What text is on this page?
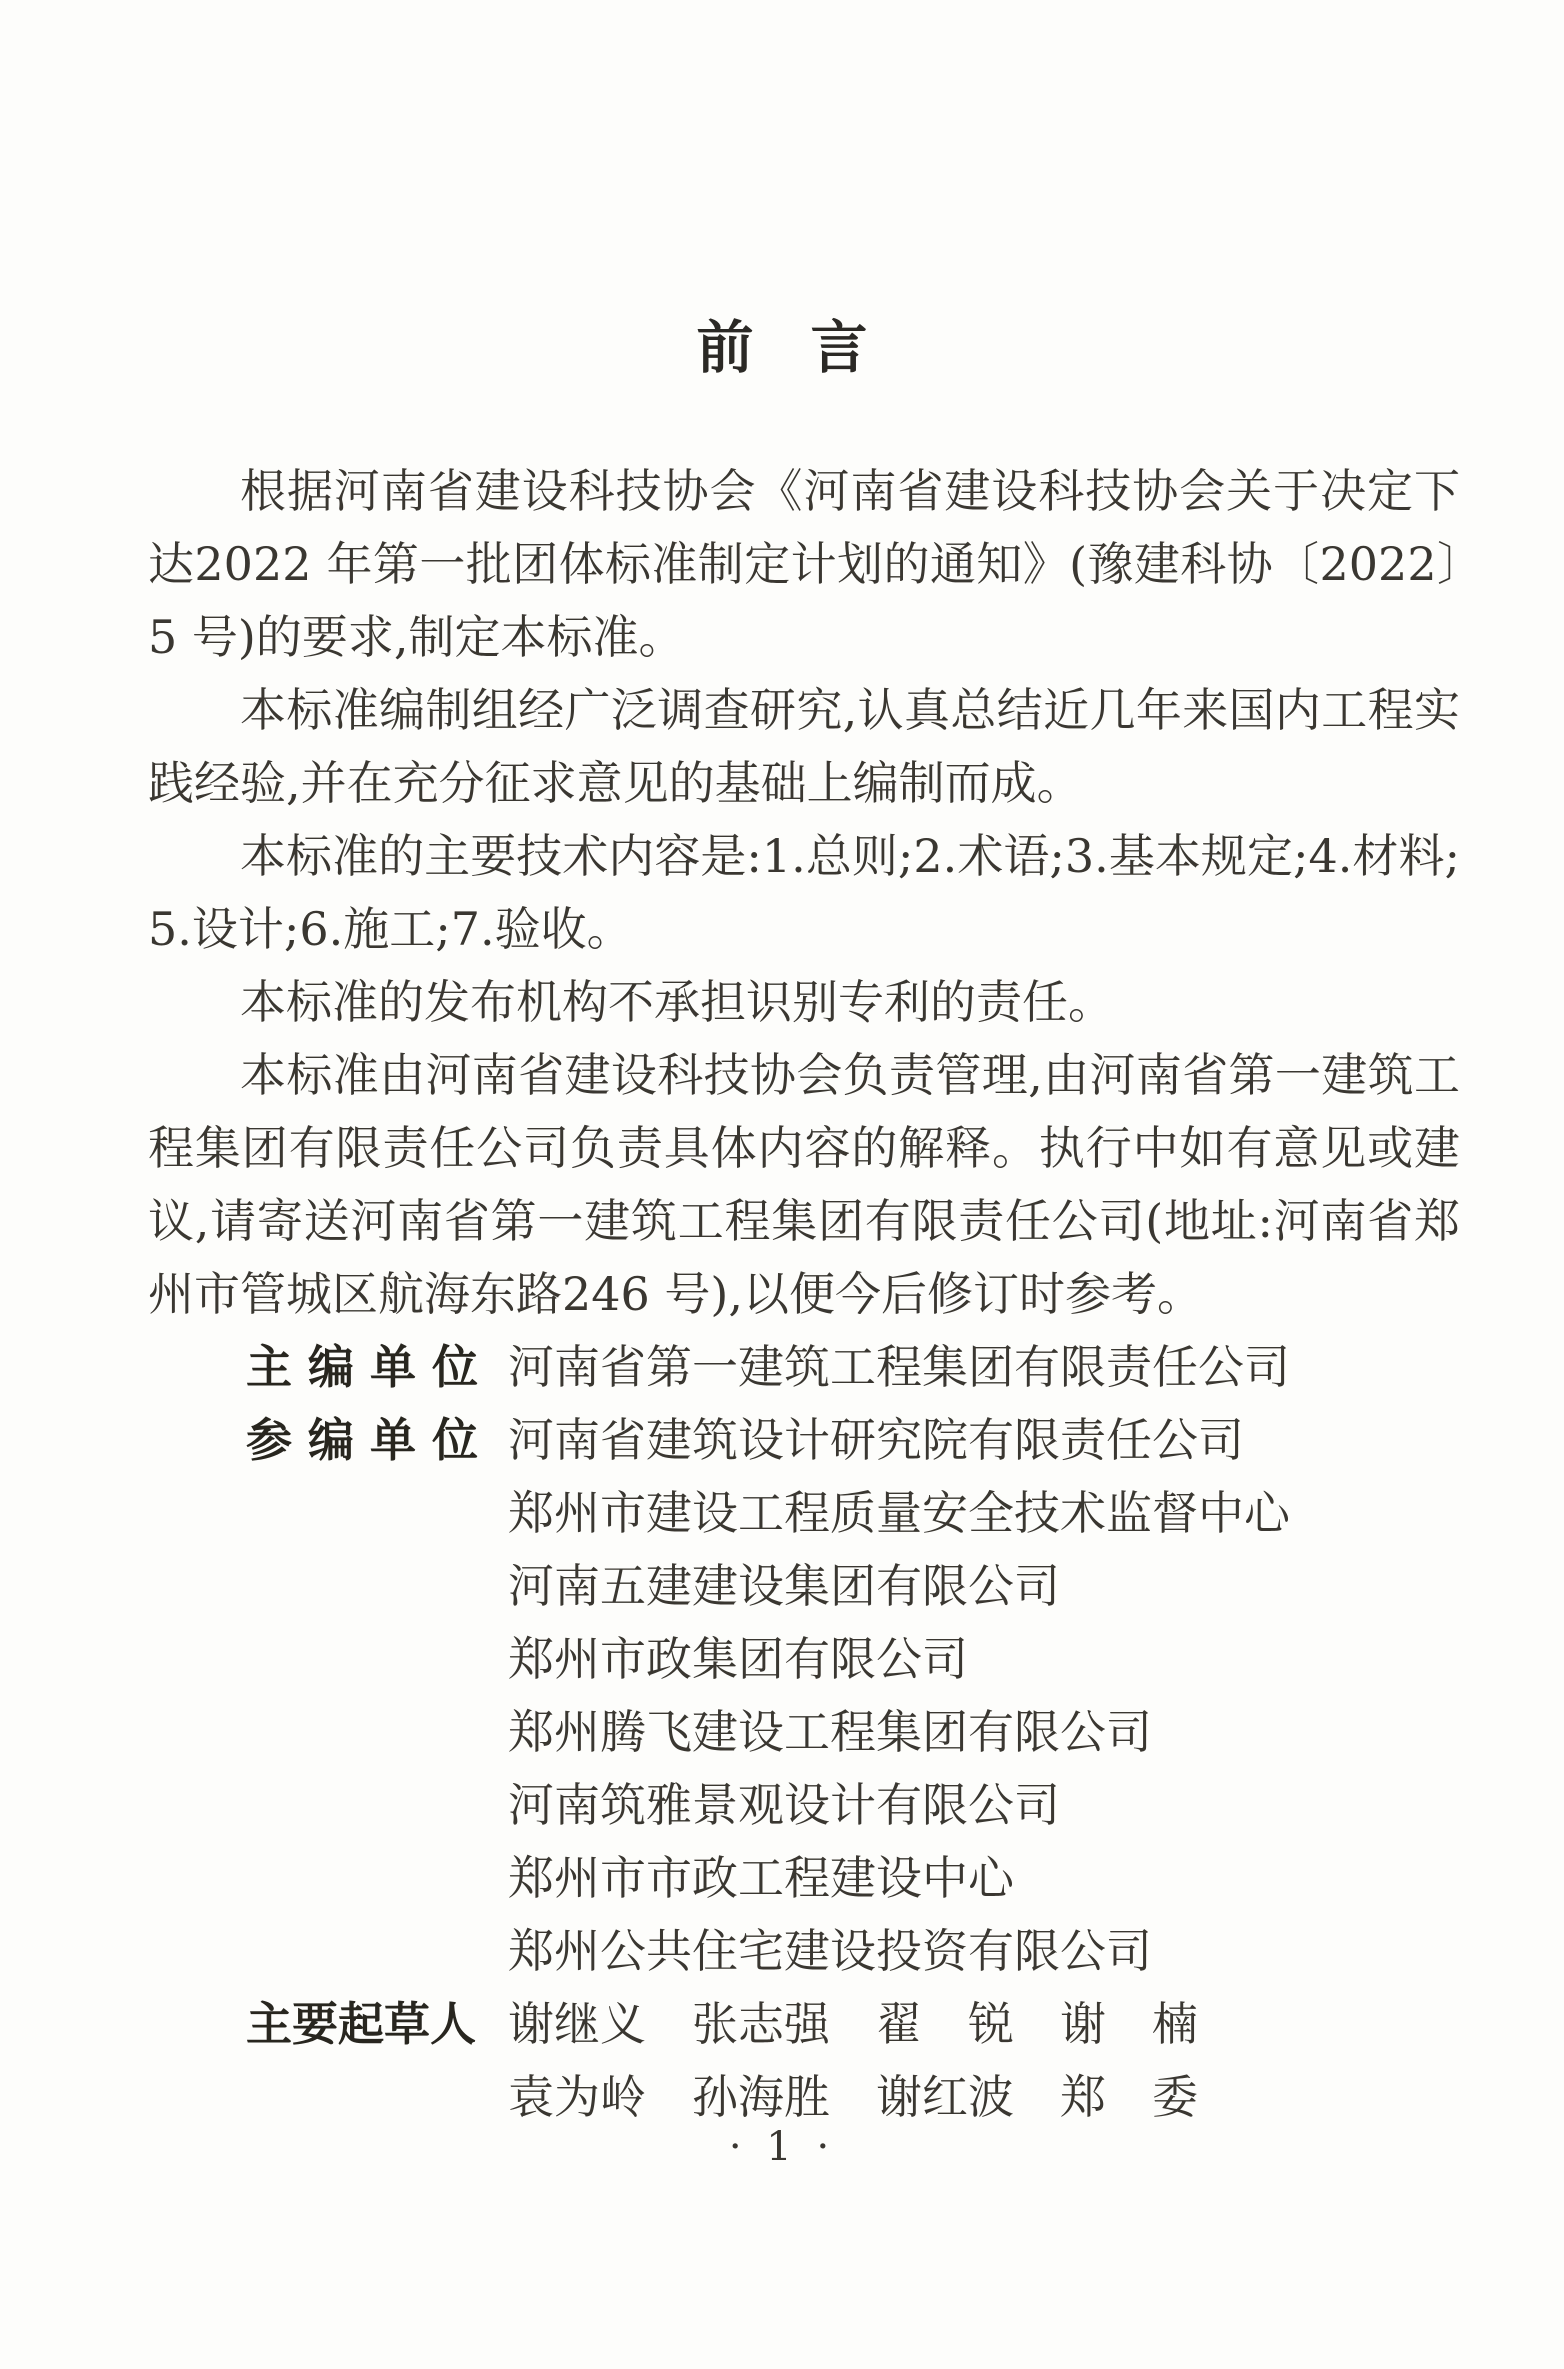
前　言

根据河南省建设科技协会《河南省建设科技协会关于决定下达2022 年第一批团体标准制定计划的通知》(豫建科协〔2022〕5 号)的要求,制定本标准。

本标准编制组经广泛调查研究,认真总结近几年来国内工程实践经验,并在充分征求意见的基础上编制而成。

本标准的主要技术内容是:1.总则;2.术语;3.基本规定;4.材料;5.设计;6.施工;7.验收。

本标准的发布机构不承担识别专利的责任。

本标准由河南省建设科技协会负责管理,由河南省第一建筑工程集团有限责任公司负责具体内容的解释。执行中如有意见或建议,请寄送河南省第一建筑工程集团有限责任公司(地址:河南省郑州市管城区航海东路246 号),以便今后修订时参考。

主 编 单 位 河南省第一建筑工程集团有限责任公司
参 编 单 位 河南省建筑设计研究院有限责任公司
郑州市建设工程质量安全技术监督中心
河南五建建设集团有限公司
郑州市政集团有限公司
郑州腾飞建设工程集团有限公司
河南筑雅景观设计有限公司
郑州市市政工程建设中心
郑州公共住宅建设投资有限公司
主要起草人 谢继义　张志强　翟　锐　谢　楠
袁为岭　孙海胜　谢红波　郑　委
· 1 ·
